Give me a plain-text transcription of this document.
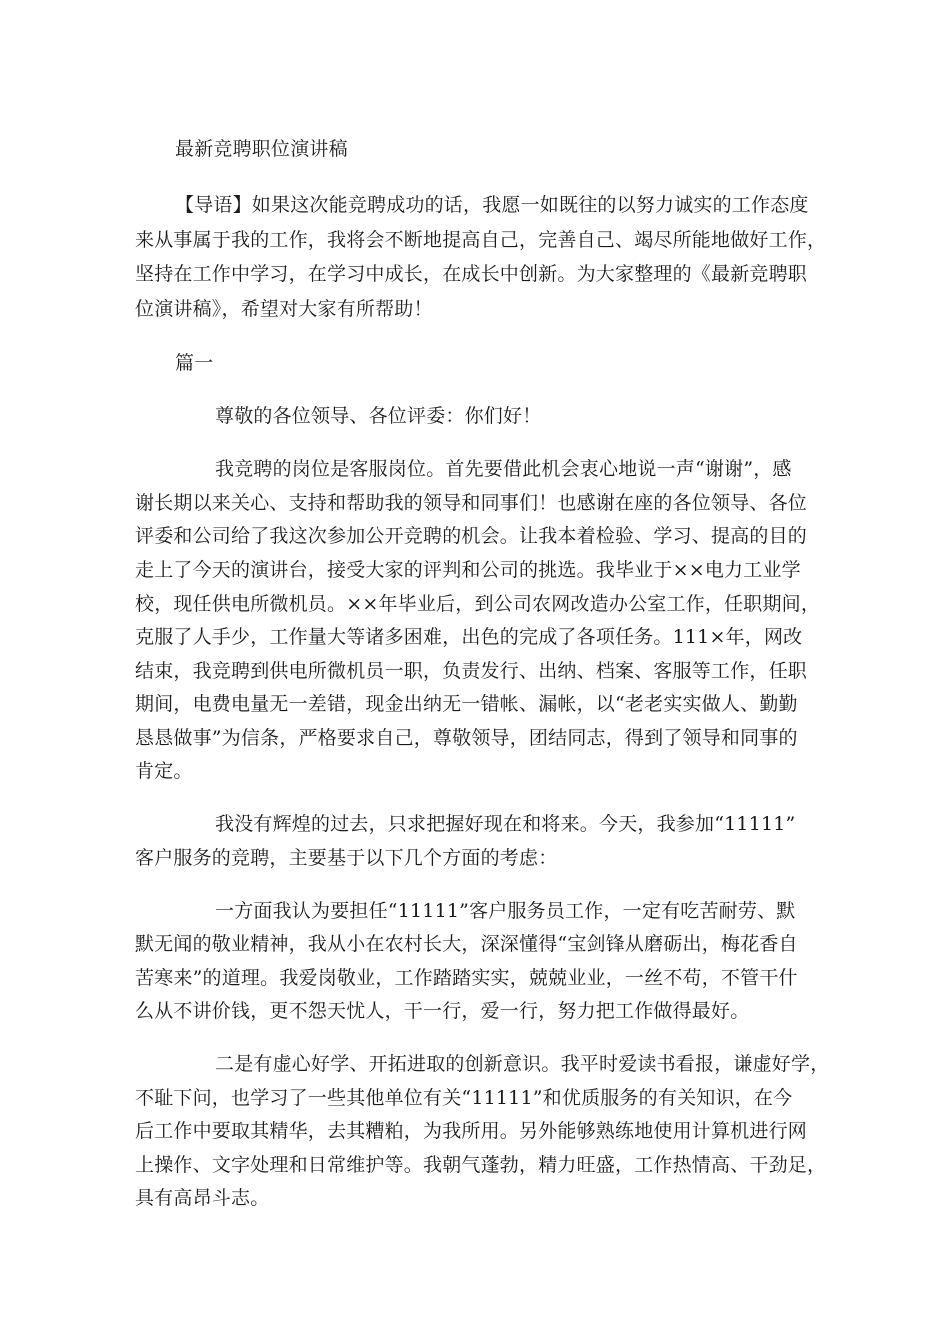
最新竞聘职位演讲稿
【导语】如果这次能竞聘成功的话，我愿一如既往的以努力诚实的工作态度
来从事属于我的工作，我将会不断地提高自己，完善自己、竭尽所能地做好工作，
坚持在工作中学习，在学习中成长，在成长中创新。为大家整理的《最新竞聘职
位演讲稿》，希望对大家有所帮助！
篇一
尊敬的各位领导、各位评委：你们好！
我竞聘的岗位是客服岗位。首先要借此机会衷心地说一声“谢谢”，感
谢长期以来关心、支持和帮助我的领导和同事们！也感谢在座的各位领导、各位
评委和公司给了我这次参加公开竞聘的机会。让我本着检验、学习、提高的目的
走上了今天的演讲台，接受大家的评判和公司的挑选。我毕业于××电力工业学
校，现任供电所微机员。××年毕业后，到公司农网改造办公室工作，任职期间，
克服了人手少，工作量大等诸多困难，出色的完成了各项任务。111×年，网改
结束，我竞聘到供电所微机员一职，负责发行、出纳、档案、客服等工作，任职
期间，电费电量无一差错，现金出纳无一错帐、漏帐，以“老老实实做人、勤勤
恳恳做事”为信条，严格要求自己，尊敬领导，团结同志，得到了领导和同事的
肯定。
我没有辉煌的过去，只求把握好现在和将来。今天，我参加“11111”
客户服务的竞聘，主要基于以下几个方面的考虑：
一方面我认为要担任“11111”客户服务员工作，一定有吃苦耐劳、默
默无闻的敬业精神，我从小在农村长大，深深懂得“宝剑锋从磨砺出，梅花香自
苦寒来”的道理。我爱岗敬业，工作踏踏实实，兢兢业业，一丝不苟，不管干什
么从不讲价钱，更不怨天忧人，干一行，爱一行，努力把工作做得最好。
二是有虚心好学、开拓进取的创新意识。我平时爱读书看报，谦虚好学，
不耻下问，也学习了一些其他单位有关“11111”和优质服务的有关知识，在今
后工作中要取其精华，去其糟粕，为我所用。另外能够熟练地使用计算机进行网
上操作、文字处理和日常维护等。我朝气蓬勃，精力旺盛，工作热情高、干劲足，
具有高昂斗志。
